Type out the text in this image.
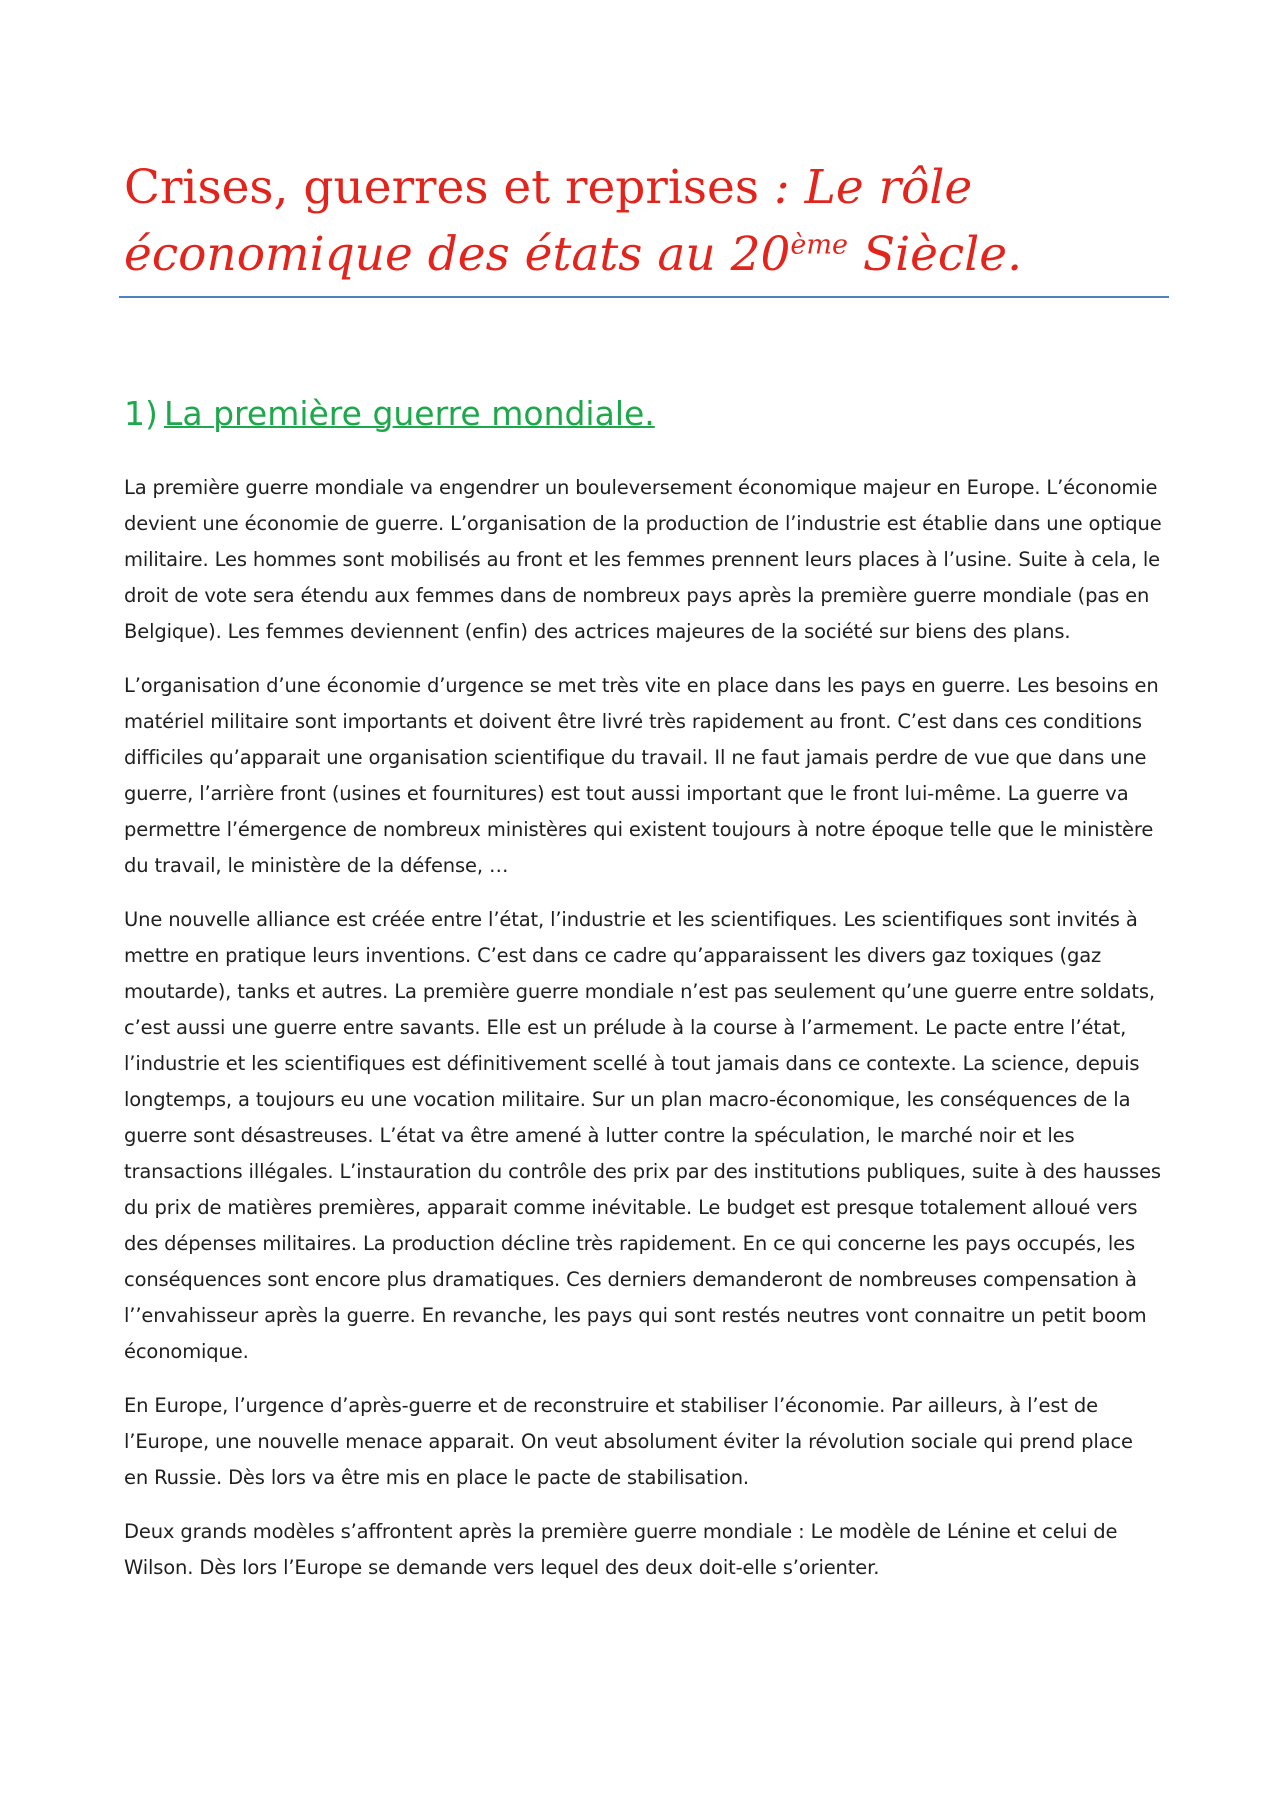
Crises, guerres et reprises : Le rôle
économique des états au 20ème Siècle.
1) La première guerre mondiale.

La première guerre mondiale va engendrer un bouleversement économique majeur en Europe. L’économie devient une économie de guerre. L’organisation de la production de l’industrie est établie dans une optique militaire. Les hommes sont mobilisés au front et les femmes prennent leurs places à l’usine. Suite à cela, le droit de vote sera étendu aux femmes dans de nombreux pays après la première guerre mondiale (pas en Belgique). Les femmes deviennent (enfin) des actrices majeures de la société sur biens des plans.

L’organisation d’une économie d’urgence se met très vite en place dans les pays en guerre. Les besoins en matériel militaire sont importants et doivent être livré très rapidement au front. C’est dans ces conditions difficiles qu’apparait une organisation scientifique du travail. Il ne faut jamais perdre de vue que dans une guerre, l’arrière front (usines et fournitures) est tout aussi important que le front lui-même. La guerre va permettre l’émergence de nombreux ministères qui existent toujours à notre époque telle que le ministère du travail, le ministère de la défense, …

Une nouvelle alliance est créée entre l’état, l’industrie et les scientifiques. Les scientifiques sont invités à mettre en pratique leurs inventions. C’est dans ce cadre qu’apparaissent les divers gaz toxiques (gaz moutarde), tanks et autres. La première guerre mondiale n’est pas seulement qu’une guerre entre soldats, c’est aussi une guerre entre savants. Elle est un prélude à la course à l’armement. Le pacte entre l’état, l’industrie et les scientifiques est définitivement scellé à tout jamais dans ce contexte. La science, depuis longtemps, a toujours eu une vocation militaire. Sur un plan macro-économique, les conséquences de la guerre sont désastreuses. L’état va être amené à lutter contre la spéculation, le marché noir et les transactions illégales. L’instauration du contrôle des prix par des institutions publiques, suite à des hausses du prix de matières premières, apparait comme inévitable. Le budget est presque totalement alloué vers des dépenses militaires. La production décline très rapidement. En ce qui concerne les pays occupés, les conséquences sont encore plus dramatiques. Ces derniers demanderont de nombreuses compensation à l’’envahisseur après la guerre. En revanche, les pays qui sont restés neutres vont connaitre un petit boom économique.

En Europe, l’urgence d’après-guerre et de reconstruire et stabiliser l’économie. Par ailleurs, à l’est de l’Europe, une nouvelle menace apparait. On veut absolument éviter la révolution sociale qui prend place en Russie. Dès lors va être mis en place le pacte de stabilisation.

Deux grands modèles s’affrontent après la première guerre mondiale : Le modèle de Lénine et celui de Wilson. Dès lors l’Europe se demande vers lequel des deux doit-elle s’orienter.
